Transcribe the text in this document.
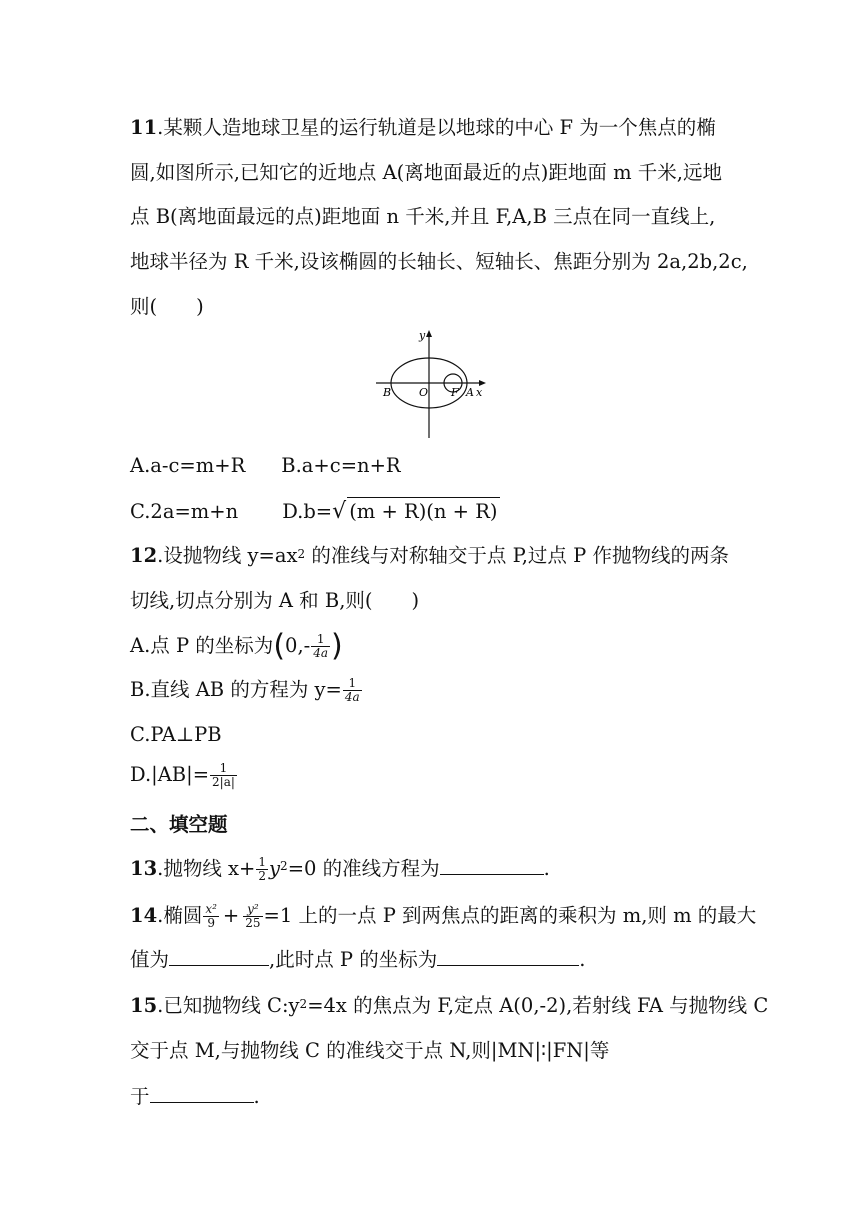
11.某颗人造地球卫星的运行轨道是以地球的中心 F 为一个焦点的椭
圆,如图所示,已知它的近地点 A(离地面最近的点)距地面 m 千米,远地
点 B(离地面最远的点)距地面 n 千米,并且 F,A,B 三点在同一直线上,
地球半径为 R 千米,设该椭圆的长轴长、短轴长、焦距分别为 2a,2b,2c,
则(　　)
y
x
B	O F A
A.a-c=m+R B.a+c=n+R
C.2a=m+n D.b=√ (m + R)(n + R)
12.设抛物线 $y=ax^2$ 的准线与对称轴交于点 P,过点 P 作抛物线的两条
切线,切点分别为 A 和 B,则(　　)
A.点 P 的坐标为($0,- \frac{1}{4a}$ )
B.直线 AB 的方程为 $y= \frac{1}{4a}$
C.PA⊥PB
$D.|AB|= \frac{1}{2|a|}$
二、填空题
13.抛物线 $x+ \frac{1}{2} y^2=0$ 的准线方程为	.
14.椭圆 $\frac{\text{x²}}{9} + \frac{\text{y²}}{25} =1$ 上的一点 P 到两焦点的距离的乘积为 m,则 m 的最大
值为	,此时点 P 的坐标为	.
15.已知抛物线 $C:y^2=4x$ 的焦点为 F,定点 A(0,-2),若射线 FA 与抛物线 C
交于点 M,与抛物线 C 的准线交于点 N,则|MN|∶|FN|等
于	.
